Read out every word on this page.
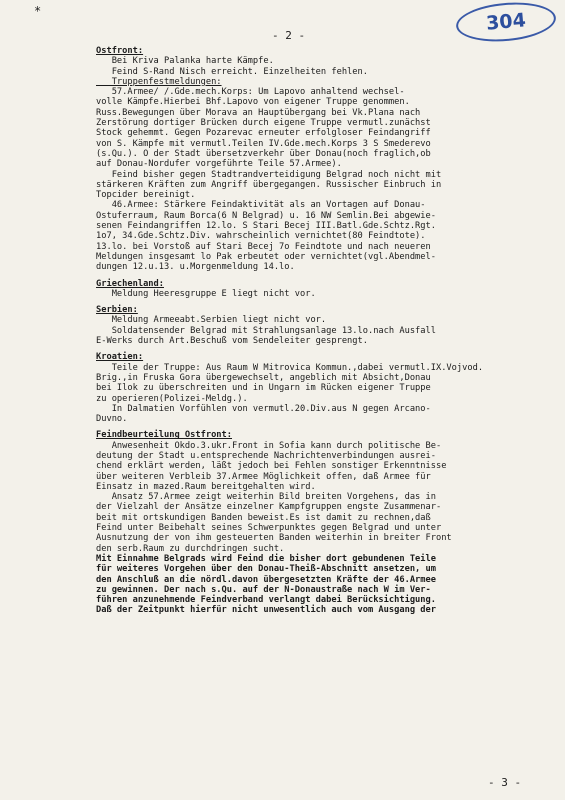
*
- 2 -
304
Ostfront:
Bei Kriva Palanka harte Kämpfe.
Feind S-Rand Nisch erreicht. Einzelheiten fehlen.
Truppenfestmeldungen:
57.Armee/ /.Gde.mech.Korps: Um Lapovo anhaltend wechsel-
volle Kämpfe.Hierbei Bhf.Lapovo von eigener Truppe genommen.
Russ.Bewegungen über Morava an Hauptübergang bei Vk.Plana nach
Zerstörung dortiger Brücken durch eigene Truppe vermutl.zunächst
Stock gehemmt. Gegen Pozarevac erneuter erfolgloser Feindangriff
von S. Kämpfe mit vermutl.Teilen IV.Gde.mech.Korps 3 S Smederevo
(s.Qu.). O der Stadt übersetzverkehr über Donau(noch fraglich,ob
auf Donau-Nordufer vorgeführte Teile 57.Armee).
Feind bisher gegen Stadtrandverteidigung Belgrad noch nicht mit
stärkeren Kräften zum Angriff übergegangen. Russischer Einbruch in
Topcider bereinigt.
46.Armee: Stärkere Feindaktivität als an Vortagen auf Donau-
Ostuferraum, Raum Borca(6 N Belgrad) u. 16 NW Semlin.Bei abgewie-
senen Feindangriffen 12.lo. S Stari Becej III.Batl.Gde.Schtz.Rgt.
1o7, 34.Gde.Schtz.Div. wahrscheinlich vernichtet(80 Feindtote).
13.lo. bei Vorstoß auf Stari Becej 7o Feindtote und nach neueren
Meldungen insgesamt lo Pak erbeutet oder vernichtet(vgl.Abendmel-
dungen 12.u.13. u.Morgenmeldung 14.lo.
Griechenland:
Meldung Heeresgruppe E liegt nicht vor.
Serbien:
Meldung Armeeabt.Serbien liegt nicht vor.
Soldatensender Belgrad mit Strahlungsanlage 13.lo.nach Ausfall
E-Werks durch Art.Beschuß vom Sendeleiter gesprengt.
Kroatien:
Teile der Truppe: Aus Raum W Mitrovica Kommun.,dabei vermutl.IX.Vojvod.
Brig.,in Fruska Gora übergewechselt, angeblich mit Absicht,Donau
bei Ilok zu überschreiten und in Ungarn im Rücken eigener Truppe
zu operieren(Polizei-Meldg.).
In Dalmatien Vorfühlen von vermutl.20.Div.aus N gegen Arcano-
Duvno.
Feindbeurteilung Ostfront:
Anwesenheit Okdo.3.ukr.Front in Sofia kann durch politische Be-
deutung der Stadt u.entsprechende Nachrichtenverbindungen ausrei-
chend erklärt werden, läßt jedoch bei Fehlen sonstiger Erkenntnisse
über weiteren Verbleib 37.Armee Möglichkeit offen, daß Armee für
Einsatz in mazed.Raum bereitgehalten wird.
Ansatz 57.Armee zeigt weiterhin Bild breiten Vorgehens, das in
der Vielzahl der Ansätze einzelner Kampfgruppen engste Zusammenar-
beit mit ortskundigen Banden beweist.Es ist damit zu rechnen,daß
Feind unter Beibehalt seines Schwerpunktes gegen Belgrad und unter
Ausnutzung der von ihm gesteuerten Banden weiterhin in breiter Front
den serb.Raum zu durchdringen sucht.
Mit Einnahme Belgrads wird Feind die bisher dort gebundenen Teile
für weiteres Vorgehen über den Donau-Theiß-Abschnitt ansetzen, um
den Anschluß an die nördl.davon übergesetzten Kräfte der 46.Armee
zu gewinnen. Der nach s.Qu. auf der N-Donaustraße nach W im Ver-
führen anzunehmende Feindverband verlangt dabei Berücksichtigung.
Daß der Zeitpunkt hierfür nicht unwesentlich auch vom Ausgang der
- 3 -
